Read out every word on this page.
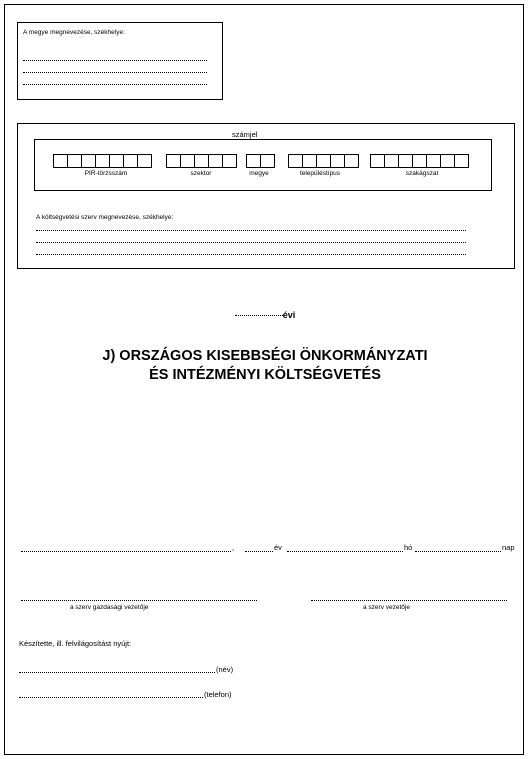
A megye megnevezése, székhelye:
számjel
PIR-törzsszám	szektor	megye	településtípus	szakágszat
A költségvetési szerv megnevezése, székhelye:
évi
J) ORSZÁGOS KISEBBSÉGI ÖNKORMÁNYZATI
ÉS INTÉZMÉNYI KÖLTSÉGVETÉS
,	év	hó	nap
a szerv gazdasági vezetője	a szerv vezetője
Készítette, ill. felvilágosítást nyújt:
(név)
(telefon)
